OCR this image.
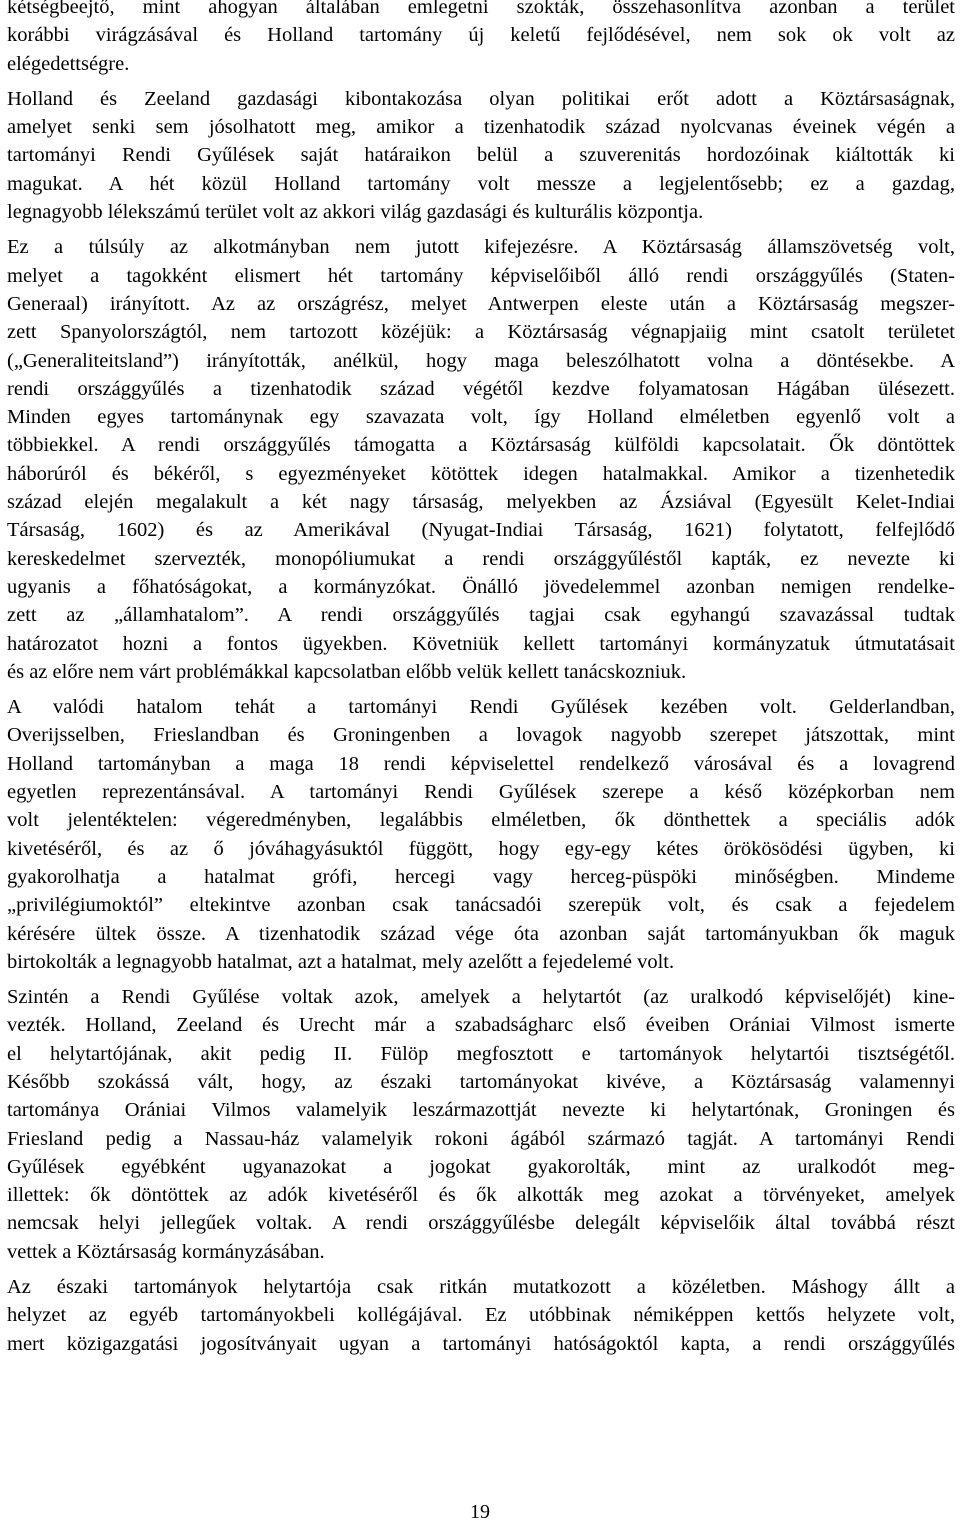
kétségbeejtő, mint ahogyan általában emlegetni szokták, összehasonlítva azonban a terület
korábbi virágzásával és Holland tartomány új keletű fejlődésével, nem sok ok volt az
elégedettségre.

Holland és Zeeland gazdasági kibontakozása olyan politikai erőt adott a Köztársaságnak,
amelyet senki sem jósolhatott meg, amikor a tizenhatodik század nyolcvanas éveinek végén a
tartományi Rendi Gyűlések saját határaikon belül a szuverenitás hordozóinak kiáltották ki
magukat. A hét közül Holland tartomány volt messze a legjelentősebb; ez a gazdag,
legnagyobb lélekszámú terület volt az akkori világ gazdasági és kulturális központja.

Ez a túlsúly az alkotmányban nem jutott kifejezésre. A Köztársaság államszövetség volt,
melyet a tagokként elismert hét tartomány képviselőiből álló rendi országgyűlés (Staten-
Generaal) irányított. Az az országrész, melyet Antwerpen eleste után a Köztársaság megszer-
zett Spanyolországtól, nem tartozott közéjük: a Köztársaság végnapjaiig mint csatolt területet
(„Generaliteitsland”) irányították, anélkül, hogy maga beleszólhatott volna a döntésekbe. A
rendi országgyűlés a tizenhatodik század végétől kezdve folyamatosan Hágában ülésezett.
Minden egyes tartománynak egy szavazata volt, így Holland elméletben egyenlő volt a
többiekkel. A rendi országgyűlés támogatta a Köztársaság külföldi kapcsolatait. Ők döntöttek
háborúról és békéről, s egyezményeket kötöttek idegen hatalmakkal. Amikor a tizenhetedik
század elején megalakult a két nagy társaság, melyekben az Ázsiával (Egyesült Kelet-Indiai
Társaság, 1602) és az Amerikával (Nyugat-Indiai Társaság, 1621) folytatott, felfejlődő
kereskedelmet szervezték, monopóliumukat a rendi országgyűléstől kapták, ez nevezte ki
ugyanis a főhatóságokat, a kormányzókat. Önálló jövedelemmel azonban nemigen rendelke-
zett az „államhatalom”. A rendi országgyűlés tagjai csak egyhangú szavazással tudtak
határozatot hozni a fontos ügyekben. Követniük kellett tartományi kormányzatuk útmutatásait
és az előre nem várt problémákkal kapcsolatban előbb velük kellett tanácskozniuk.

A valódi hatalom tehát a tartományi Rendi Gyűlések kezében volt. Gelderlandban,
Overijsselben, Frieslandban és Groningenben a lovagok nagyobb szerepet játszottak, mint
Holland tartományban a maga 18 rendi képviselettel rendelkező városával és a lovagrend
egyetlen reprezentánsával. A tartományi Rendi Gyűlések szerepe a késő középkorban nem
volt jelentéktelen: végeredményben, legalábbis elméletben, ők dönthettek a speciális adók
kivetéséről, és az ő jóváhagyásuktól függött, hogy egy-egy kétes örökösödési ügyben, ki
gyakorolhatja a hatalmat grófi, hercegi vagy herceg-püspöki minőségben. Mindeme
„privilégiumoktól” eltekintve azonban csak tanácsadói szerepük volt, és csak a fejedelem
kérésére ültek össze. A tizenhatodik század vége óta azonban saját tartományukban ők maguk
birtokolták a legnagyobb hatalmat, azt a hatalmat, mely azelőtt a fejedelemé volt.

Szintén a Rendi Gyűlése voltak azok, amelyek a helytartót (az uralkodó képviselőjét) kine-
vezték. Holland, Zeeland és Urecht már a szabadságharc első éveiben Orániai Vilmost ismerte
el helytartójának, akit pedig II. Fülöp megfosztott e tartományok helytartói tisztségétől.
Később szokássá vált, hogy, az északi tartományokat kivéve, a Köztársaság valamennyi
tartománya Orániai Vilmos valamelyik leszármazottját nevezte ki helytartónak, Groningen és
Friesland pedig a Nassau-ház valamelyik rokoni ágából származó tagját. A tartományi Rendi
Gyűlések egyébként ugyanazokat a jogokat gyakorolták, mint az uralkodót meg-
illettek: ők döntöttek az adók kivetéséről és ők alkották meg azokat a törvényeket, amelyek
nemcsak helyi jellegűek voltak. A rendi országgyűlésbe delegált képviselőik által továbbá részt
vettek a Köztársaság kormányzásában.

Az északi tartományok helytartója csak ritkán mutatkozott a közéletben. Máshogy állt a
helyzet az egyéb tartományokbeli kollégájával. Ez utóbbinak némiképpen kettős helyzete volt,
mert közigazgatási jogosítványait ugyan a tartományi hatóságoktól kapta, a rendi országgyűlés

19
